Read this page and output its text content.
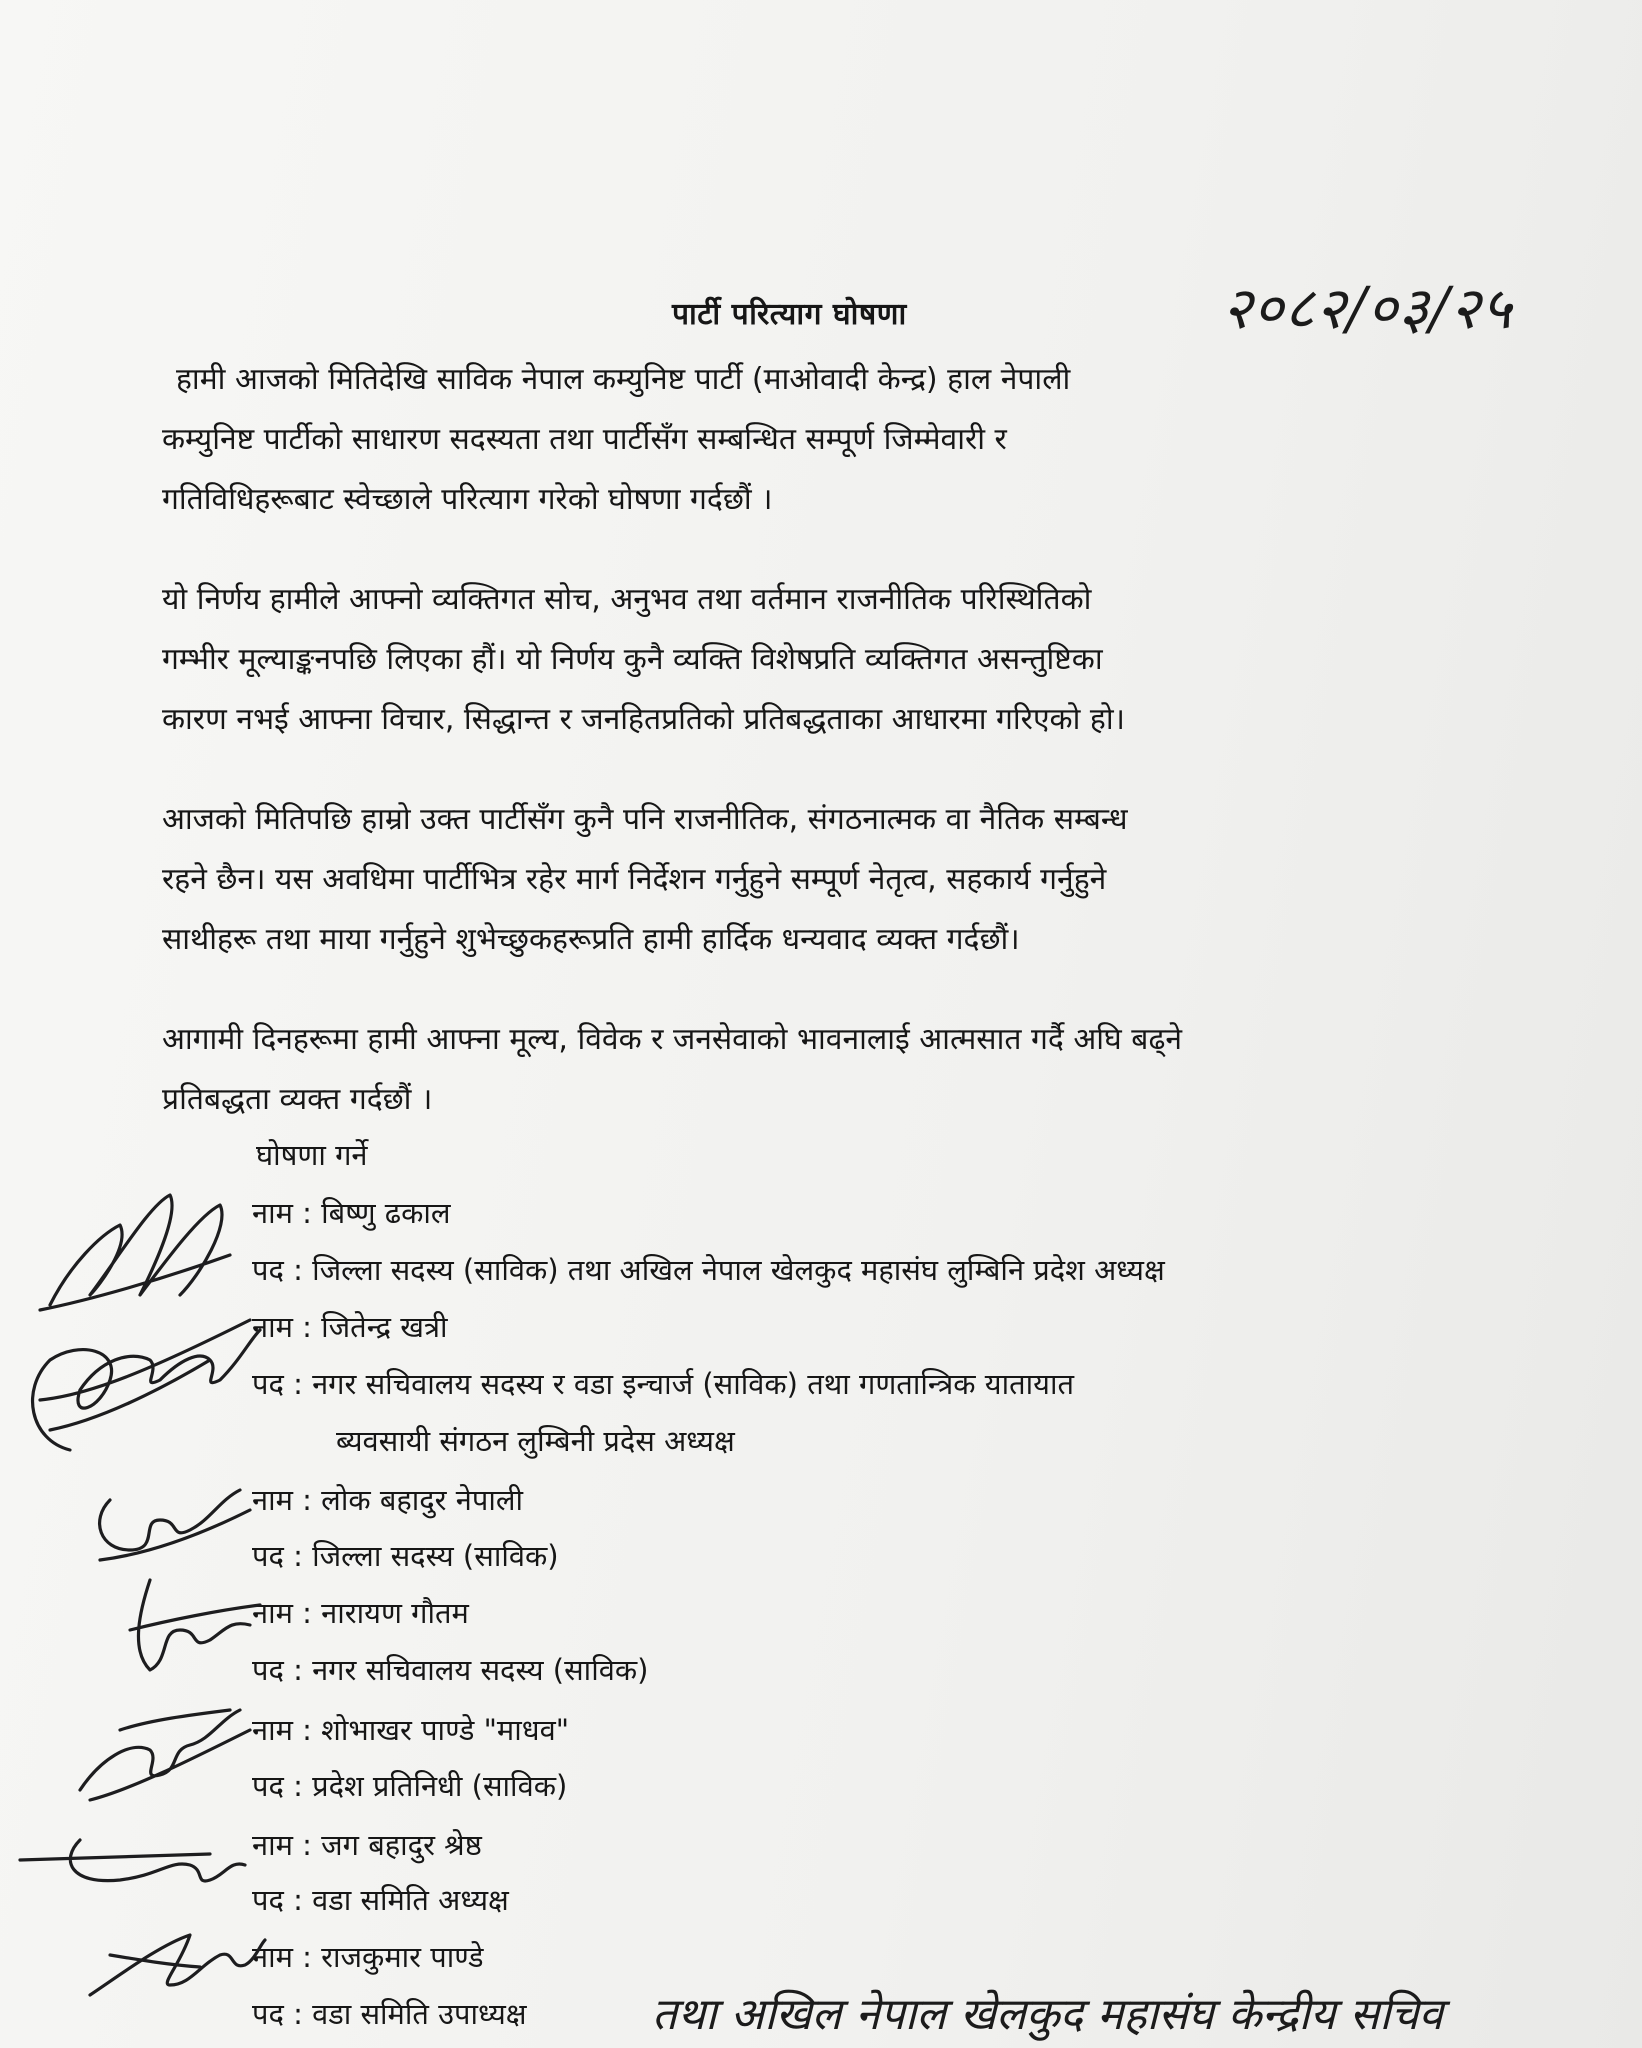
पार्टी परित्याग घोषणा	२०८२/०३/२५

हामी आजको मितिदेखि साविक नेपाल कम्युनिष्ट पार्टी (माओवादी केन्द्र) हाल नेपाली
कम्युनिष्ट पार्टीको साधारण सदस्यता तथा पार्टीसँग सम्बन्धित सम्पूर्ण जिम्मेवारी र
गतिविधिहरूबाट स्वेच्छाले परित्याग गरेको घोषणा गर्दछौं ।

यो निर्णय हामीले आफ्नो व्यक्तिगत सोच, अनुभव तथा वर्तमान राजनीतिक परिस्थितिको
गम्भीर मूल्याङ्कनपछि लिएका हौं। यो निर्णय कुनै व्यक्ति विशेषप्रति व्यक्तिगत असन्तुष्टिका
कारण नभई आफ्ना विचार, सिद्धान्त र जनहितप्रतिको प्रतिबद्धताका आधारमा गरिएको हो।

आजको मितिपछि हाम्रो उक्त पार्टीसँग कुनै पनि राजनीतिक, संगठनात्मक वा नैतिक सम्बन्ध
रहने छैन। यस अवधिमा पार्टीभित्र रहेर मार्ग निर्देशन गर्नुहुने सम्पूर्ण नेतृत्व, सहकार्य गर्नुहुने
साथीहरू तथा माया गर्नुहुने शुभेच्छुकहरूप्रति हामी हार्दिक धन्यवाद व्यक्त गर्दछौं।

आगामी दिनहरूमा हामी आफ्ना मूल्य, विवेक र जनसेवाको भावनालाई आत्मसात गर्दै अघि बढ्ने
प्रतिबद्धता व्यक्त गर्दछौं ।

घोषणा गर्ने
नाम : बिष्णु ढकाल
पद : जिल्ला सदस्य (साविक) तथा अखिल नेपाल खेलकुद महासंघ लुम्बिनि प्रदेश अध्यक्ष
नाम : जितेन्द्र खत्री
पद : नगर सचिवालय सदस्य र वडा इन्चार्ज (साविक) तथा गणतान्त्रिक यातायात
ब्यवसायी संगठन लुम्बिनी प्रदेस अध्यक्ष
नाम : लोक बहादुर नेपाली
पद : जिल्ला सदस्य (साविक)
नाम : नारायण गौतम
पद : नगर सचिवालय सदस्य (साविक)
नाम : शोभाखर पाण्डे "माधव"
पद : प्रदेश प्रतिनिधी (साविक)
नाम : जग बहादुर श्रेष्ठ
पद : वडा समिति अध्यक्ष
नाम : राजकुमार पाण्डे
पद : वडा समिति उपाध्यक्ष	तथा अखिल नेपाल खेलकुद महासंघ केन्द्रीय सचिव
